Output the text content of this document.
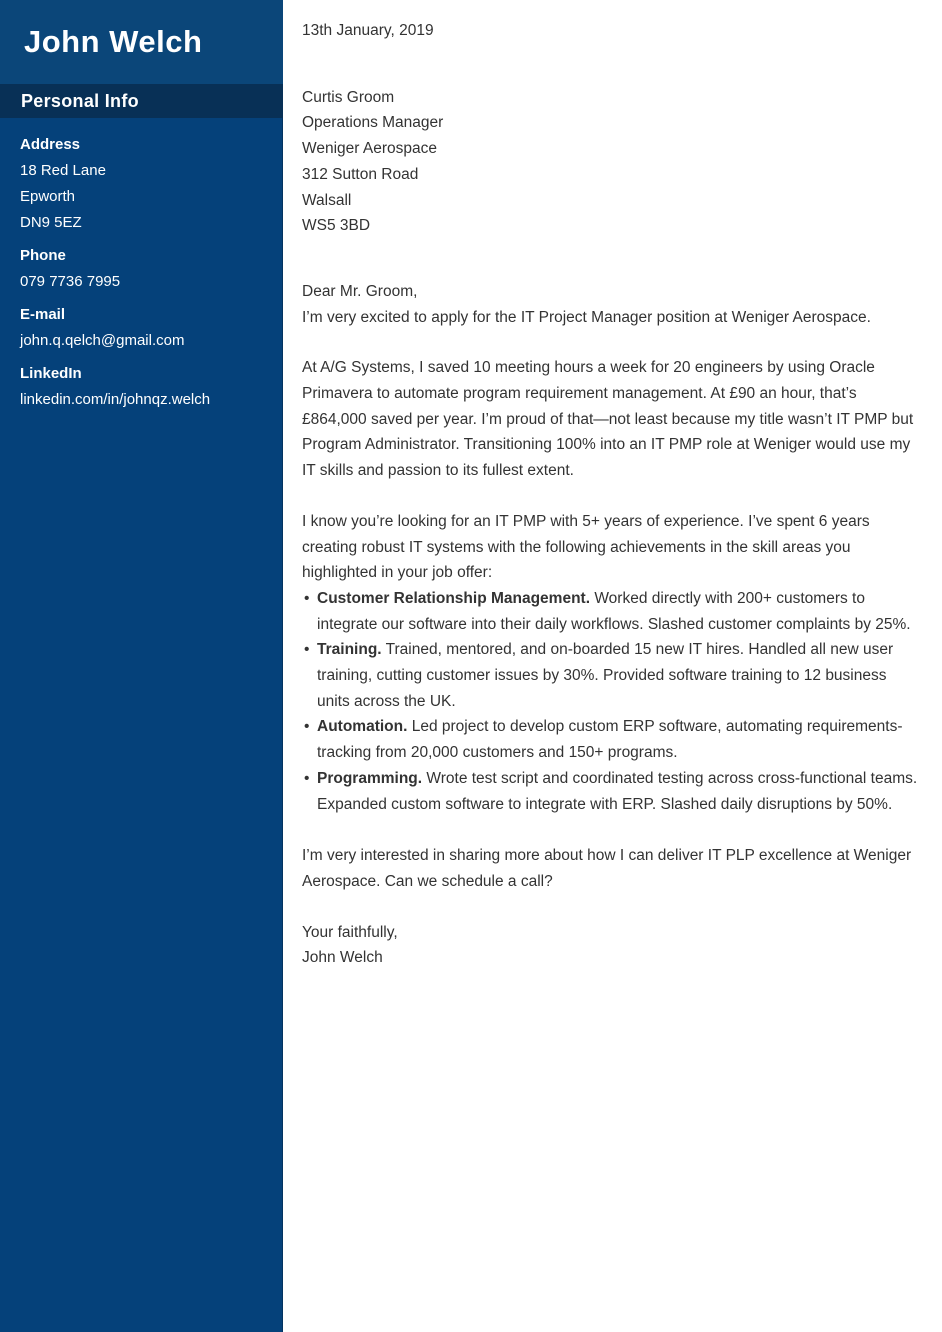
John Welch
Personal Info
Address
18 Red Lane
Epworth
DN9 5EZ
Phone
079 7736 7995
E-mail
john.q.qelch@gmail.com
LinkedIn
linkedin.com/in/johnqz.welch

13th January, 2019

Curtis Groom
Operations Manager
Weniger Aerospace
312 Sutton Road
Walsall
WS5 3BD
Dear Mr. Groom,
I’m very excited to apply for the IT Project Manager position at Weniger Aerospace.

At A/G Systems, I saved 10 meeting hours a week for 20 engineers by using Oracle Primavera to automate program requirement management. At £90 an hour, that’s £864,000 saved per year. I’m proud of that—not least because my title wasn’t IT PMP but Program Administrator. Transitioning 100% into an IT PMP role at Weniger would use my IT skills and passion to its fullest extent.

I know you’re looking for an IT PMP with 5+ years of experience. I’ve spent 6 years creating robust IT systems with the following achievements in the skill areas you highlighted in your job offer:

• Customer Relationship Management. Worked directly with 200+ customers to integrate our software into their daily workflows. Slashed customer complaints by 25%.
• Training. Trained, mentored, and on-boarded 15 new IT hires. Handled all new user training, cutting customer issues by 30%. Provided software training to 12 business units across the UK.
• Automation. Led project to develop custom ERP software, automating requirements-tracking from 20,000 customers and 150+ programs.
• Programming. Wrote test script and coordinated testing across cross-functional teams. Expanded custom software to integrate with ERP. Slashed daily disruptions by 50%.

I’m very interested in sharing more about how I can deliver IT PLP excellence at Weniger Aerospace. Can we schedule a call?

Your faithfully,
John Welch
